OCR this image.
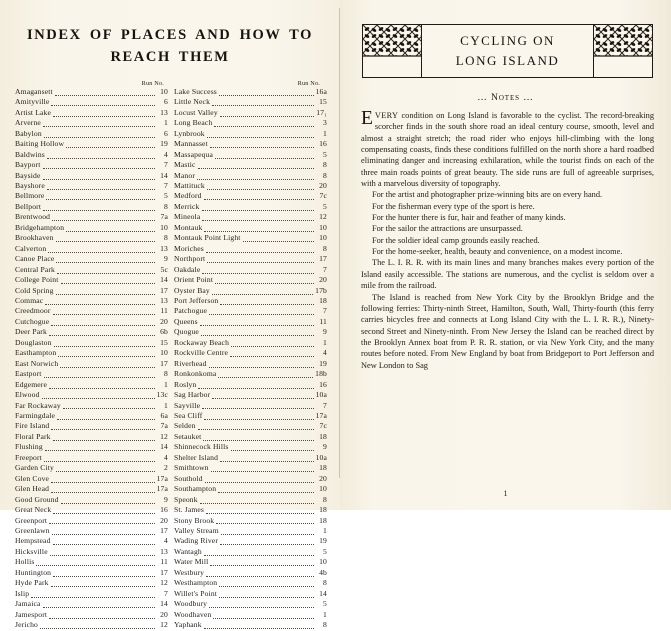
INDEX OF PLACES AND HOW TO
REACH THEM
Run No.	Run No.
Amagansett	10
Amityville	6
Artist Lake	13
Arverne	1
Babylon	6
Baiting Hollow	19
Baldwins	4
Bayport	7
Bayside	14
Bayshore	7
Bellmore	5
Bellport	8
Brentwood	7a
Bridgehampton	10
Brookhaven	8
Calverton	13
Canoe Place	9
Central Park	5c
College Point	14
Cold Spring	17
Commac	13
Creedmoor	11
Cutchogue	20
Deer Park	6b
Douglaston	15
Easthampton	10
East Norwich	17
Eastport	8
Edgemere	1
Elwood	13c
Far Rockaway	1
Farmingdale	6a
Fire Island	7a
Floral Park	12
Flushing	14
Freeport	4
Garden City	2
Glen Cove	17a
Glen Head	17a
Good Ground	9
Great Neck	16
Greenport	20
Greenlawn	17
Hempstead	4
Hicksville	13
Hollis	11
Huntington	17
Hyde Park	12
Islip	7
Jamaica	14
Jamesport	20
Jericho	12
Lake Success	16a
Little Neck	15
Locust Valley	17₁
Long Beach	3
Lynbrook	1
Mannasset	16
Massapequa	5
Mastic	8
Manor	8
Mattituck	20
Medford	7c
Merrick	5
Mineola	12
Montauk	10
Montauk Point Light	10
Moriches	8
Northport	17
Oakdale	7
Orient Point	20
Oyster Bay	17b
Port Jefferson	18
Patchogue	7
Queens	11
Quogue	9
Rockaway Beach	1
Rockville Centre	4
Riverhead	19
Ronkonkoma	18b
Roslyn	16
Sag Harbor	10a
Sayville	7
Sea Cliff	17a
Selden	7c
Setauket	18
Shinnecock Hills	9
Shelter Island	10a
Smithtown	18
Southold	20
Southampton	10
Speonk	8
St. James	18
Stony Brook	18
Valley Stream	1
Wading River	19
Wantagh	5
Water Mill	10
Westbury	4b
Westhampton	8
Willet's Point	14
Woodbury	5
Woodhaven	1
Yaphank	8
CYCLING ON
LONG ISLAND
… Notes …

EVERY condition on Long Island is favorable to the cyclist. The record-breaking scorcher finds in the south shore road an ideal century course, smooth, level and almost a straight stretch; the road rider who enjoys hill-climbing with the long compensating coasts, finds these conditions fulfilled on the north shore a hard roadbed eliminating danger and increasing exhilaration, while the tourist finds on each of the three main roads points of great beauty. The side runs are full of agreeable surprises, with a marvelous diversity of topography.

For the artist and photographer prize-winning bits are on every hand.

For the fisherman every type of the sport is here.

For the hunter there is fur, hair and feather of many kinds.

For the sailor the attractions are unsurpassed.

For the soldier ideal camp grounds easily reached.

For the home-seeker, health, beauty and convenience, on a modest income.

The L. I. R. R. with its main lines and many branches makes every portion of the Island easily accessible. The stations are numerous, and the cyclist is seldom over a mile from the railroad.

The Island is reached from New York City by the Brooklyn Bridge and the following ferries: Thirty-ninth Street, Hamilton, South, Wall, Thirty-fourth (this ferry carries bicycles free and connects at Long Island City with the L. I. R. R.), Ninety-second Street and Ninety-ninth. From New Jersey the Island can be reached direct by the Brooklyn Annex boat from P. R. R. station, or via New York City, and the many routes before noted. From New England by boat from Bridgeport to Port Jefferson and New London to Sag

1
